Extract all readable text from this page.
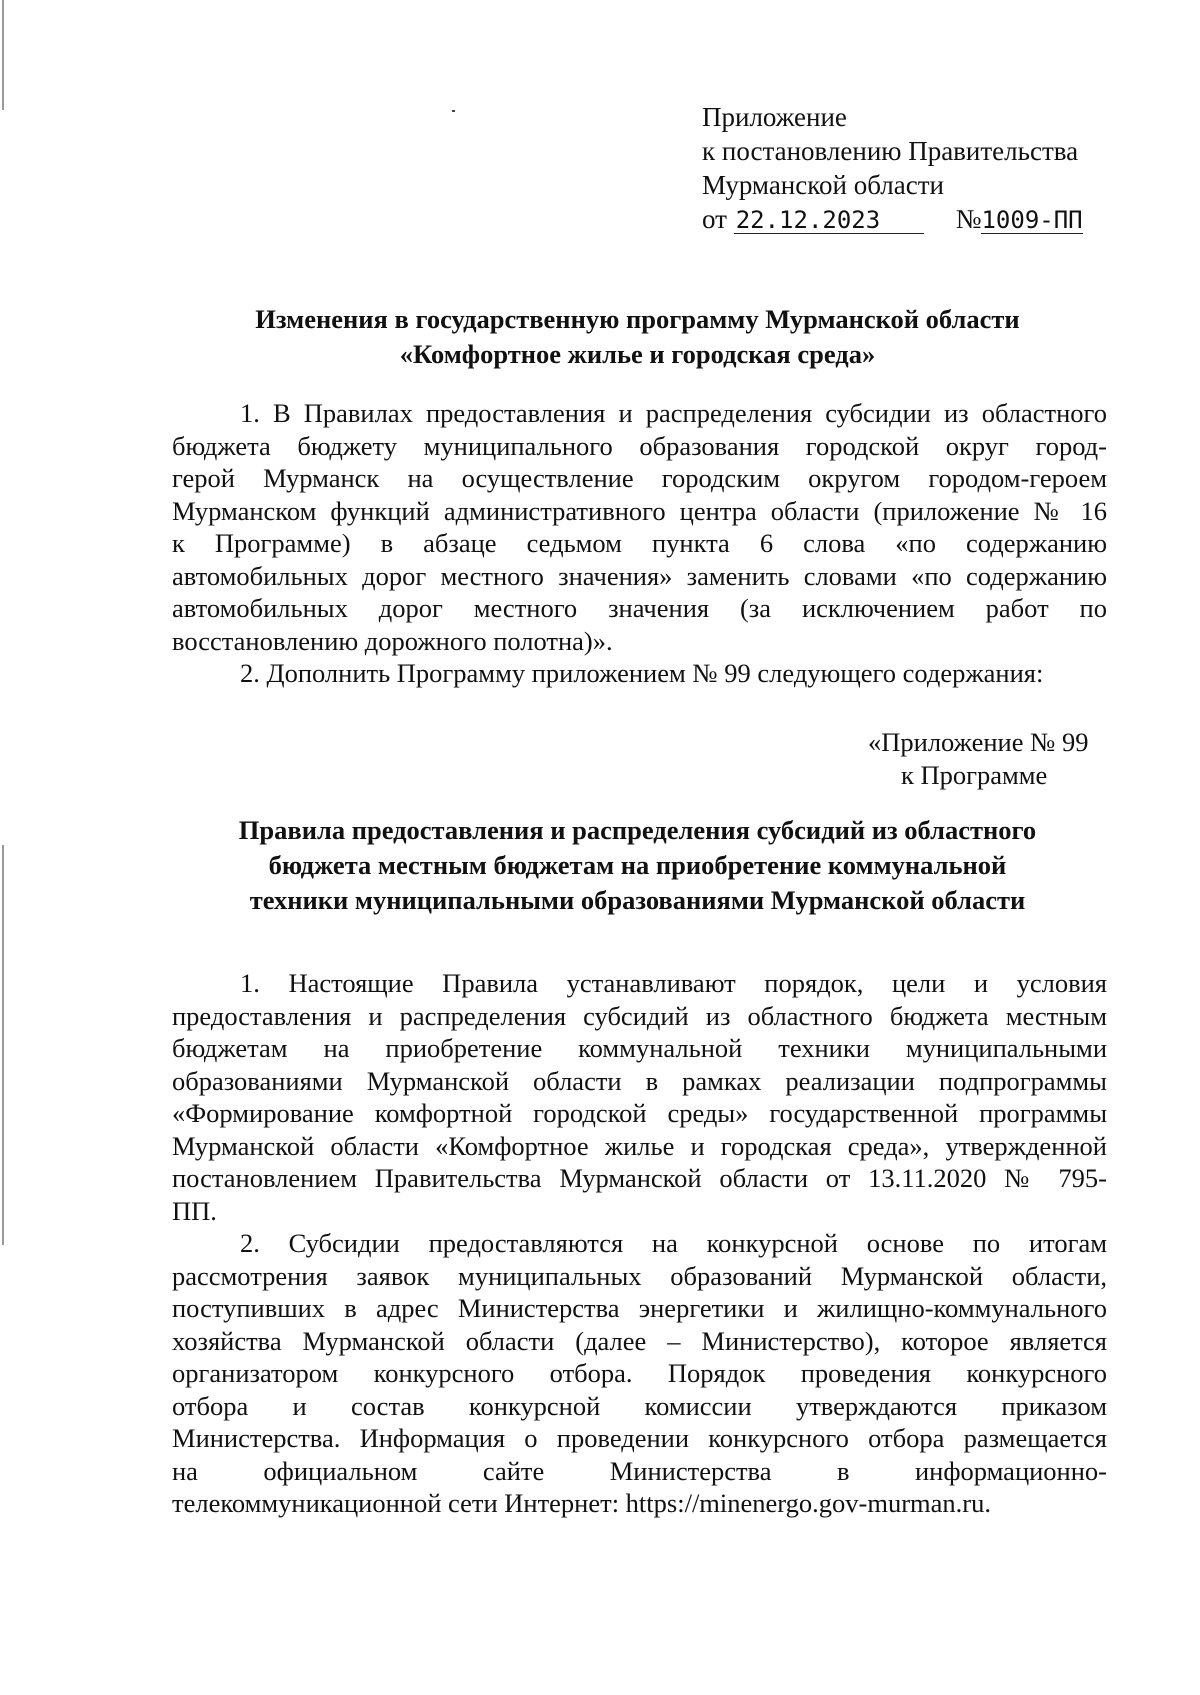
Приложение
к постановлению Правительства
Мурманской области
от 22.12.2023	№1009-ПП
Изменения в государственную программу Мурманской области
«Комфортное жилье и городская среда»
1. В Правилах предоставления и распределения субсидии из областного
бюджета бюджету муниципального образования городской округ город-
герой Мурманск на осуществление городским округом городом-героем
Мурманском функций административного центра области (приложение № 16
к Программе) в абзаце седьмом пункта 6 слова «по содержанию
автомобильных дорог местного значения» заменить словами «по содержанию
автомобильных дорог местного значения (за исключением работ по
восстановлению дорожного полотна)».
2. Дополнить Программу приложением № 99 следующего содержания:
«Приложение № 99
к Программе
Правила предоставления и распределения субсидий из областного
бюджета местным бюджетам на приобретение коммунальной
техники муниципальными образованиями Мурманской области
1. Настоящие Правила устанавливают порядок, цели и условия
предоставления и распределения субсидий из областного бюджета местным
бюджетам на приобретение коммунальной техники муниципальными
образованиями Мурманской области в рамках реализации подпрограммы
«Формирование комфортной городской среды» государственной программы
Мурманской области «Комфортное жилье и городская среда», утвержденной
постановлением Правительства Мурманской области от 13.11.2020 № 795-
ПП.
2. Субсидии предоставляются на конкурсной основе по итогам
рассмотрения заявок муниципальных образований Мурманской области,
поступивших в адрес Министерства энергетики и жилищно-коммунального
хозяйства Мурманской области (далее – Министерство), которое является
организатором конкурсного отбора. Порядок проведения конкурсного
отбора и состав конкурсной комиссии утверждаются приказом
Министерства. Информация о проведении конкурсного отбора размещается
на официальном сайте Министерства в информационно-
телекоммуникационной сети Интернет: https://minenergo.gov-murman.ru.
